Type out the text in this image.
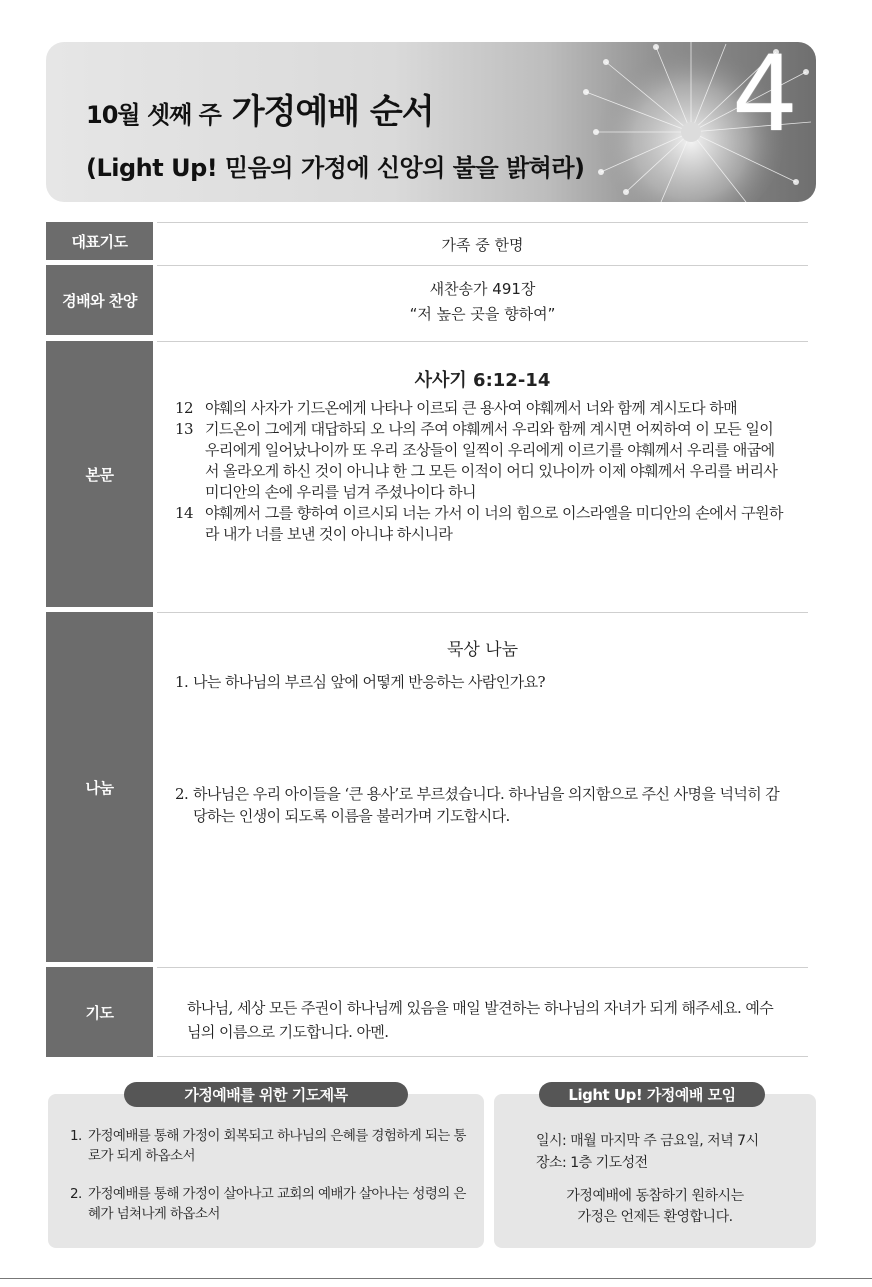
10월 셋째 주 가정예배 순서
(Light Up! 믿음의 가정에 신앙의 불을 밝혀라)
4
대표기도	가족 중 한명
경배와 찬양
새찬송가 491장
“저 높은 곳을 향하여”
본문
사사기 6:12-14
12 야훼의 사자가 기드온에게 나타나 이르되 큰 용사여 야훼께서 너와 함께 계시도다 하매
13 기드온이 그에게 대답하되 오 나의 주여 야훼께서 우리와 함께 계시면 어찌하여 이 모든 일이 우리에게 일어났나이까 또 우리 조상들이 일찍이 우리에게 이르기를 야훼께서 우리를 애굽에서 올라오게 하신 것이 아니냐 한 그 모든 이적이 어디 있나이까 이제 야훼께서 우리를 버리사 미디안의 손에 우리를 넘겨 주셨나이다 하니
14 야훼께서 그를 향하여 이르시되 너는 가서 이 너의 힘으로 이스라엘을 미디안의 손에서 구원하라 내가 너를 보낸 것이 아니냐 하시니라
나눔
묵상 나눔
1. 나는 하나님의 부르심 앞에 어떻게 반응하는 사람인가요?
2. 하나님은 우리 아이들을 ‘큰 용사’로 부르셨습니다. 하나님을 의지함으로 주신 사명을 넉넉히 감당하는 인생이 되도록 이름을 불러가며 기도합시다.
기도	하나님, 세상 모든 주권이 하나님께 있음을 매일 발견하는 하나님의 자녀가 되게 해주세요. 예수님의 이름으로 기도합니다. 아멘.
가정예배를 위한 기도제목
1. 가정예배를 통해 가정이 회복되고 하나님의 은혜를 경험하게 되는 통로가 되게 하옵소서
2. 가정예배를 통해 가정이 살아나고 교회의 예배가 살아나는 성령의 은혜가 넘쳐나게 하옵소서
Light Up! 가정예배 모임
일시: 매월 마지막 주 금요일, 저녁 7시
장소: 1층 기도성전
가정예배에 동참하기 원하시는
가정은 언제든 환영합니다.
